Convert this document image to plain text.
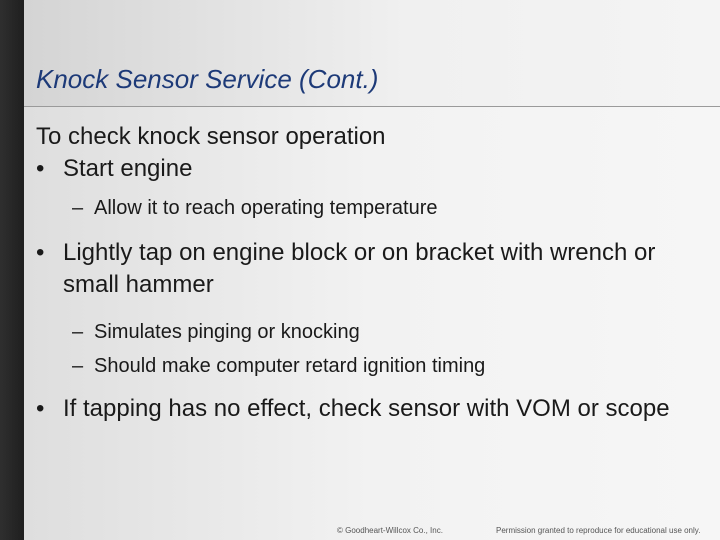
Knock Sensor Service (Cont.)
To check knock sensor operation
• Start engine
– Allow it to reach operating temperature
• Lightly tap on engine block or on bracket with wrench or small hammer
– Simulates pinging or knocking
– Should make computer retard ignition timing
• If tapping has no effect, check sensor with VOM or scope
© Goodheart-Willcox Co., Inc.	Permission granted to reproduce for educational use only.
